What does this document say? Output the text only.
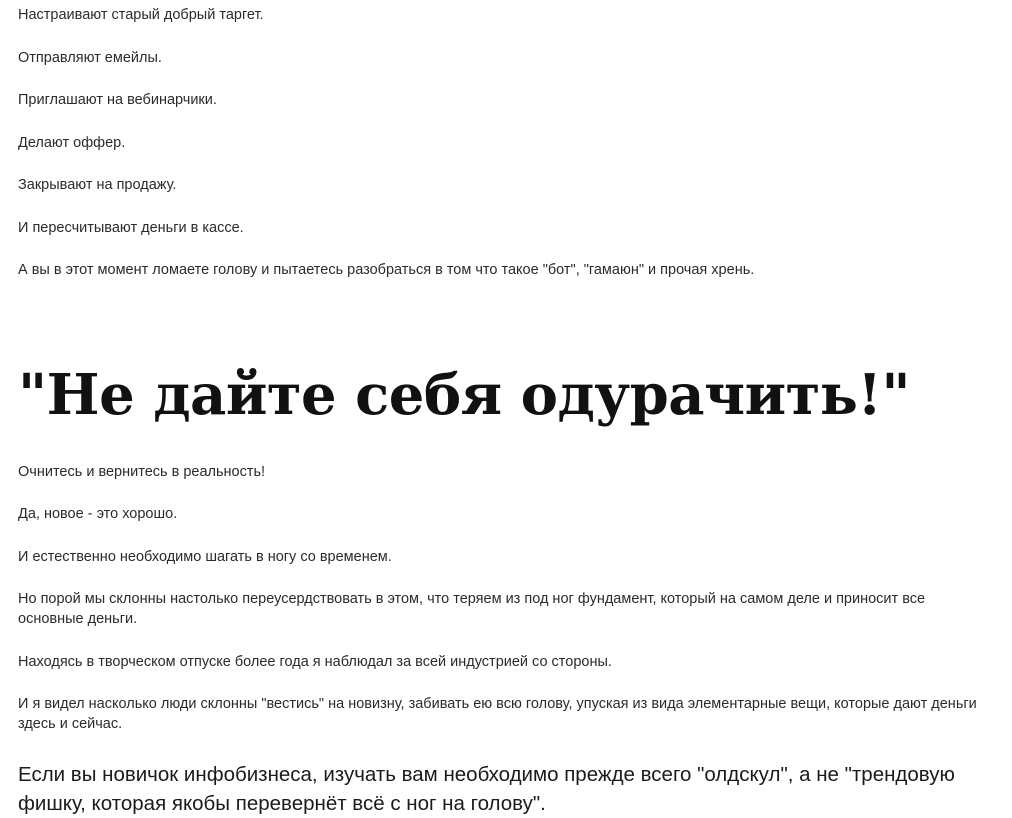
Настраивают старый добрый таргет.

Отправляют емейлы.

Приглашают на вебинарчики.

Делают оффер.

Закрывают на продажу.

И пересчитывают деньги в кассе.

А вы в этот момент ломаете голову и пытаетесь разобраться в том что такое "бот", "гамаюн" и прочая хрень.

"Не дайте себя одурачить!"

Очнитесь и вернитесь в реальность!

Да, новое - это хорошо.

И естественно необходимо шагать в ногу со временем.

Но порой мы склонны настолько переусердствовать в этом, что теряем из под ног фундамент, который на самом деле и приносит все основные деньги.

Находясь в творческом отпуске более года я наблюдал за всей индустрией со стороны.

И я видел насколько люди склонны "вестись" на новизну, забивать ею всю голову, упуская из вида элементарные вещи, которые дают деньги здесь и сейчас.

Если вы новичок инфобизнеса, изучать вам необходимо прежде всего "олдскул", а не "трендовую фишку, которая якобы перевернёт всё с ног на голову".
